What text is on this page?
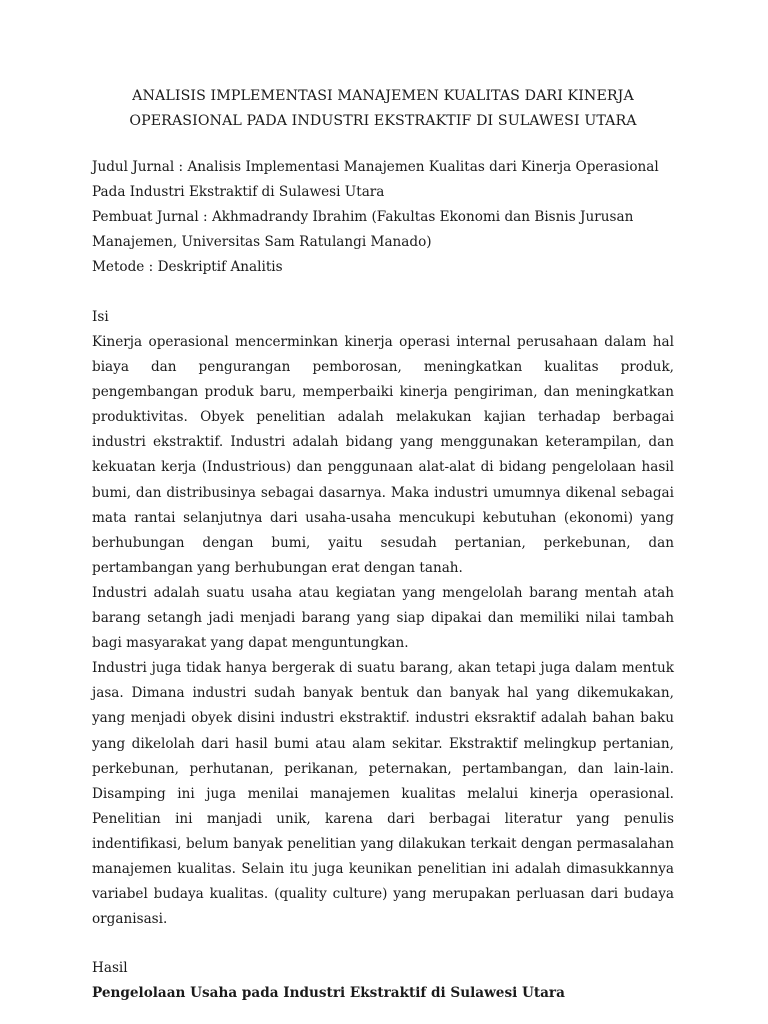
ANALISIS IMPLEMENTASI MANAJEMEN KUALITAS DARI KINERJA
OPERASIONAL PADA INDUSTRI EKSTRAKTIF DI SULAWESI UTARA

Judul Jurnal : Analisis Implementasi Manajemen Kualitas dari Kinerja Operasional Pada Industri Ekstraktif di Sulawesi Utara

Pembuat Jurnal : Akhmadrandy Ibrahim (Fakultas Ekonomi dan Bisnis Jurusan Manajemen, Universitas Sam Ratulangi Manado)

Metode : Deskriptif Analitis

Isi

Kinerja operasional mencerminkan kinerja operasi internal perusahaan dalam hal biaya dan pengurangan pemborosan, meningkatkan kualitas produk, pengembangan produk baru, memperbaiki kinerja pengiriman, dan meningkatkan produktivitas. Obyek penelitian adalah melakukan kajian terhadap berbagai industri ekstraktif. Industri adalah bidang yang menggunakan keterampilan, dan kekuatan kerja (Industrious) dan penggunaan alat-alat di bidang pengelolaan hasil bumi, dan distribusinya sebagai dasarnya. Maka industri umumnya dikenal sebagai mata rantai selanjutnya dari usaha-usaha mencukupi kebutuhan (ekonomi) yang berhubungan dengan bumi, yaitu sesudah pertanian, perkebunan, dan pertambangan yang berhubungan erat dengan tanah.

Industri adalah suatu usaha atau kegiatan yang mengelolah barang mentah atah barang setangh jadi menjadi barang yang siap dipakai dan memiliki nilai tambah bagi masyarakat yang dapat menguntungkan.

Industri juga tidak hanya bergerak di suatu barang, akan tetapi juga dalam mentuk jasa. Dimana industri sudah banyak bentuk dan banyak hal yang dikemukakan, yang menjadi obyek disini industri ekstraktif. industri eksraktif adalah bahan baku yang dikelolah dari hasil bumi atau alam sekitar. Ekstraktif melingkup pertanian, perkebunan, perhutanan, perikanan, peternakan, pertambangan, dan lain-lain. Disamping ini juga menilai manajemen kualitas melalui kinerja operasional. Penelitian ini manjadi unik, karena dari berbagai literatur yang penulis indentifikasi, belum banyak penelitian yang dilakukan terkait dengan permasalahan manajemen kualitas. Selain itu juga keunikan penelitian ini adalah dimasukkannya variabel budaya kualitas. (quality culture) yang merupakan perluasan dari budaya organisasi.

Hasil

Pengelolaan Usaha pada Industri Ekstraktif di Sulawesi Utara
